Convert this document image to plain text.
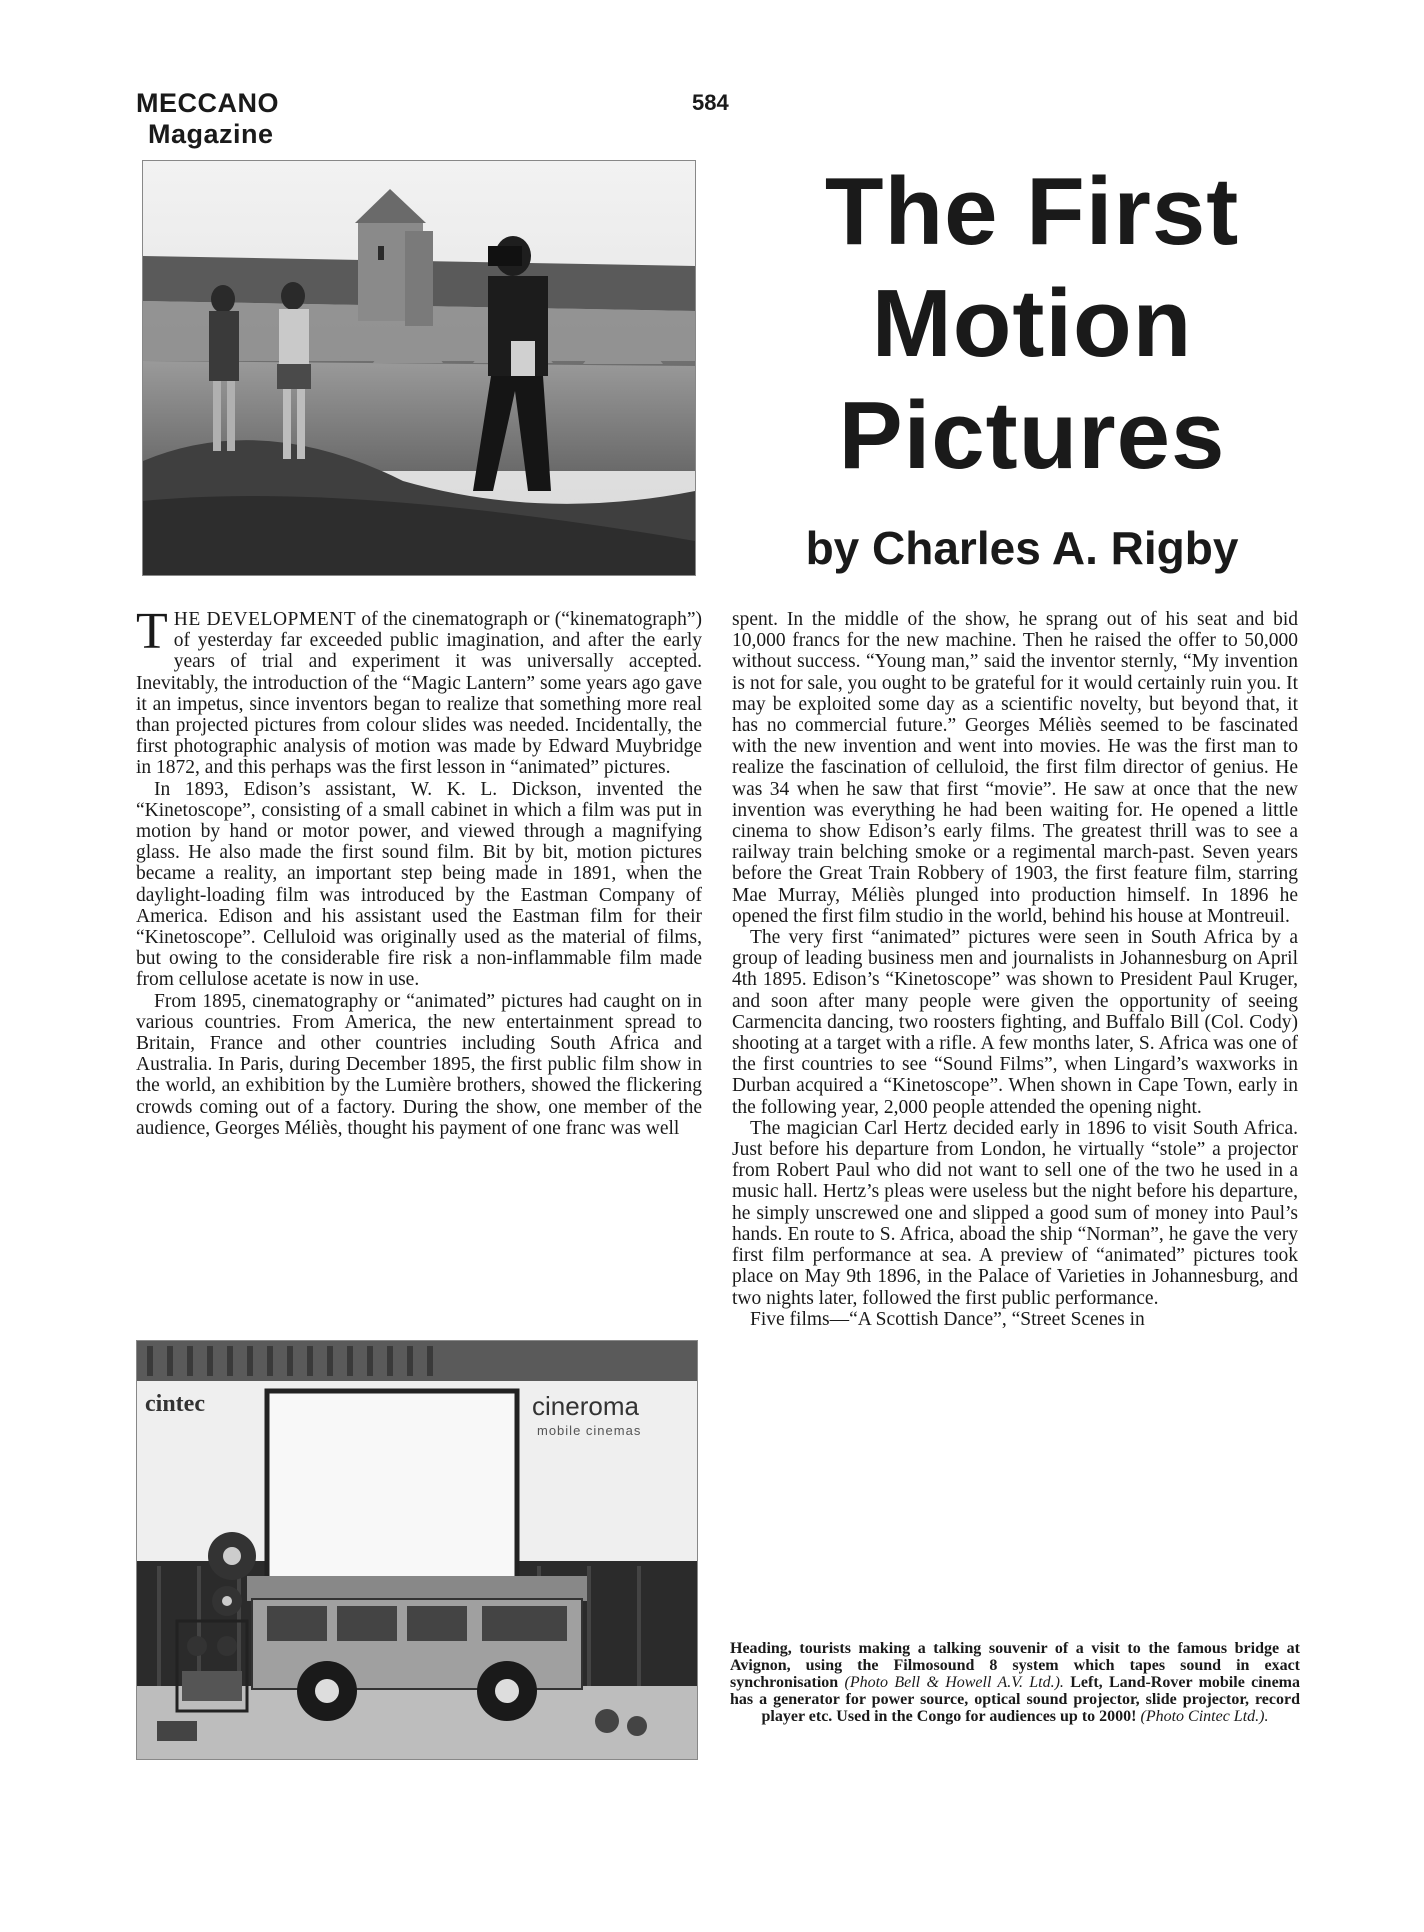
MECCANO
Magazine
584
The First
Motion
Pictures
by Charles A. Rigby

THE DEVELOPMENT of the cinematograph or (“kinematograph”) of yesterday far exceeded public imagination, and after the early years of trial and experiment it was universally accepted. Inevitably, the introduction of the “Magic Lantern” some years ago gave it an impetus, since inventors began to realize that something more real than projected pictures from colour slides was needed. Incidentally, the first photographic analysis of motion was made by Edward Muybridge in 1872, and this perhaps was the first lesson in “animated” pictures.

In 1893, Edison’s assistant, W. K. L. Dickson, invented the “Kinetoscope”, consisting of a small cabinet in which a film was put in motion by hand or motor power, and viewed through a magnifying glass. He also made the first sound film. Bit by bit, motion pictures became a reality, an important step being made in 1891, when the daylight-loading film was introduced by the Eastman Company of America. Edison and his assistant used the Eastman film for their “Kinetoscope”. Celluloid was originally used as the material of films, but owing to the considerable fire risk a non-inflammable film made from cellulose acetate is now in use.

From 1895, cinematography or “animated” pictures had caught on in various countries. From America, the new entertainment spread to Britain, France and other countries including South Africa and Australia. In Paris, during December 1895, the first public film show in the world, an exhibition by the Lumière brothers, showed the flickering crowds coming out of a factory. During the show, one member of the audience, Georges Méliès, thought his payment of one franc was well

cintec	cineroma
mobile cinemas

spent. In the middle of the show, he sprang out of his seat and bid 10,000 francs for the new machine. Then he raised the offer to 50,000 without success. “Young man,” said the inventor sternly, “My invention is not for sale, you ought to be grateful for it would certainly ruin you. It may be exploited some day as a scientific novelty, but beyond that, it has no commercial future.” Georges Méliès seemed to be fascinated with the new invention and went into movies. He was the first man to realize the fascination of celluloid, the first film director of genius. He was 34 when he saw that first “movie”. He saw at once that the new invention was everything he had been waiting for. He opened a little cinema to show Edison’s early films. The greatest thrill was to see a railway train belching smoke or a regimental march-past. Seven years before the Great Train Robbery of 1903, the first feature film, starring Mae Murray, Méliès plunged into production himself. In 1896 he opened the first film studio in the world, behind his house at Montreuil.

The very first “animated” pictures were seen in South Africa by a group of leading business men and journalists in Johannesburg on April 4th 1895. Edison’s “Kinetoscope” was shown to President Paul Kruger, and soon after many people were given the opportunity of seeing Carmencita dancing, two roosters fighting, and Buffalo Bill (Col. Cody) shooting at a target with a rifle. A few months later, S. Africa was one of the first countries to see “Sound Films”, when Lingard’s waxworks in Durban acquired a “Kinetoscope”. When shown in Cape Town, early in the following year, 2,000 people attended the opening night.

The magician Carl Hertz decided early in 1896 to visit South Africa. Just before his departure from London, he virtually “stole” a projector from Robert Paul who did not want to sell one of the two he used in a music hall. Hertz’s pleas were useless but the night before his departure, he simply unscrewed one and slipped a good sum of money into Paul’s hands. En route to S. Africa, aboad the ship “Norman”, he gave the very first film performance at sea. A preview of “animated” pictures took place on May 9th 1896, in the Palace of Varieties in Johannesburg, and two nights later, followed the first public performance.

Five films—“A Scottish Dance”, “Street Scenes in

Heading, tourists making a talking souvenir of a visit to the famous bridge at Avignon, using the Filmosound 8 system which tapes sound in exact synchronisation (Photo Bell & Howell A.V. Ltd.). Left, Land-Rover mobile cinema has a generator for power source, optical sound projector, slide projector, record player etc. Used in the Congo for audiences up to 2000! (Photo Cintec Ltd.).
